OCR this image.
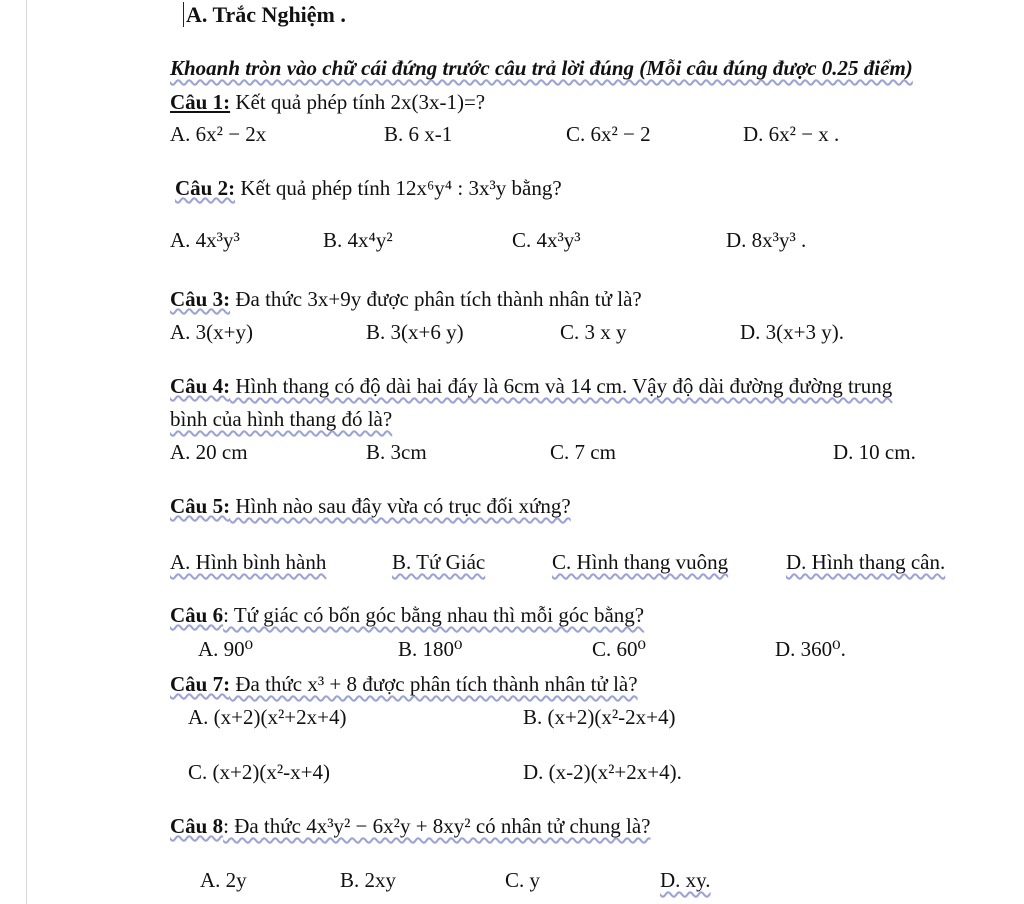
A. Trắc Nghiệm .
Khoanh tròn vào chữ cái đứng trước câu trả lời đúng (Mỗi câu đúng được 0.25 điểm)
Câu 1: Kết quả phép tính 2x(3x-1)=?
A. 6x² − 2x	B. 6 x-1	C. 6x² − 2	D. 6x² − x .
Câu 2: Kết quả phép tính 12x⁶y⁴ : 3x³y bằng?
A. 4x³y³	B. 4x⁴y²	C. 4x³y³	D. 8x³y³ .
Câu 3: Đa thức 3x+9y được phân tích thành nhân tử là?
A. 3(x+y)	B. 3(x+6 y)	C. 3 x y	D. 3(x+3 y).
Câu 4: Hình thang có độ dài hai đáy là 6cm và 14 cm. Vậy độ dài đường đường trung
bình của hình thang đó là?
A. 20 cm	B. 3cm	C. 7 cm	D. 10 cm.
Câu 5: Hình nào sau đây vừa có trục đối xứng?
A. Hình bình hành	B. Tứ Giác	C. Hình thang vuông	D. Hình thang cân.
Câu 6: Tứ giác có bốn góc bằng nhau thì mỗi góc bằng?
A. 90⁰	B. 180⁰	C. 60⁰	D. 360⁰.
Câu 7: Đa thức x³ + 8 được phân tích thành nhân tử là?
A. (x+2)(x²+2x+4)	B. (x+2)(x²-2x+4)
C. (x+2)(x²-x+4)	D. (x-2)(x²+2x+4).
Câu 8: Đa thức 4x³y² − 6x²y + 8xy² có nhân tử chung là?
A. 2y	B. 2xy	C. y	D. xy.
